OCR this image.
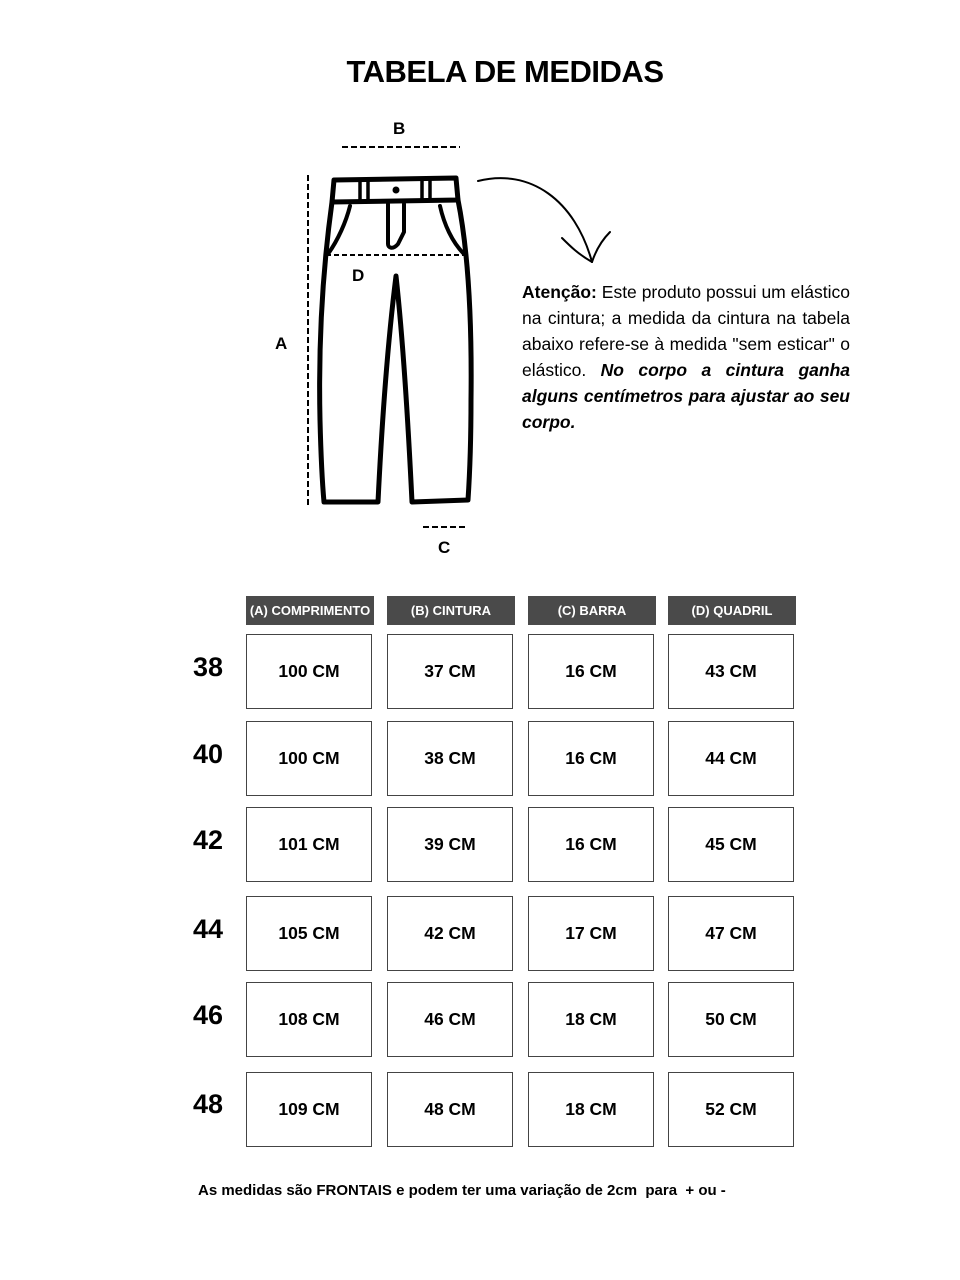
TABELA DE MEDIDAS
B
A
D
C
Atenção: Este produto possui um elástico na cintura; a medida da cintura na tabela abaixo refere-se à medida "sem esticar" o elástico. No corpo a cintura ganha alguns centímetros para ajustar ao seu corpo.
(A) COMPRIMENTO	(B) CINTURA	(C) BARRA	(D) QUADRIL
38	100 CM	37 CM	16 CM	43 CM
40	100 CM	38 CM	16 CM	44 CM
42	101 CM	39 CM	16 CM	45 CM
44	105 CM	42 CM	17 CM	47 CM
46	108 CM	46 CM	18 CM	50 CM
48	109 CM	48 CM	18 CM	52 CM
As medidas são FRONTAIS e podem ter uma variação de 2cm  para  + ou -
